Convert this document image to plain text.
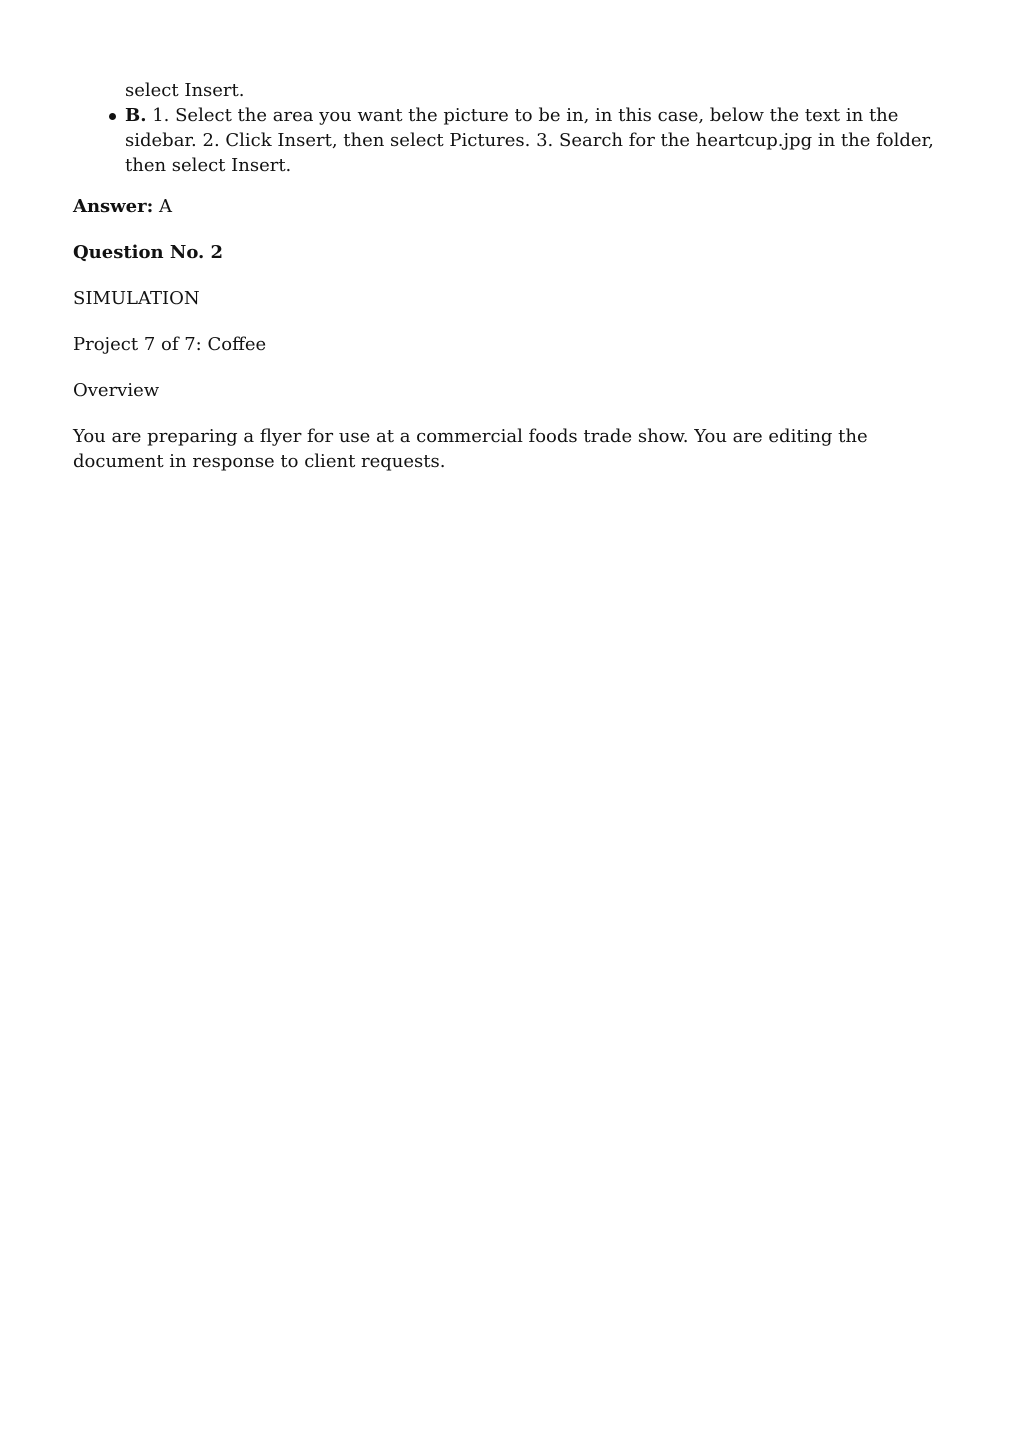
select Insert.
B. 1. Select the area you want the picture to be in, in this case, below the text in the sidebar. 2. Click Insert, then select Pictures. 3. Search for the heartcup.jpg in the folder, then select Insert.

Answer: A

Question No. 2

SIMULATION

Project 7 of 7: Coffee

Overview

You are preparing a flyer for use at a commercial foods trade show. You are editing the document in response to client requests.
